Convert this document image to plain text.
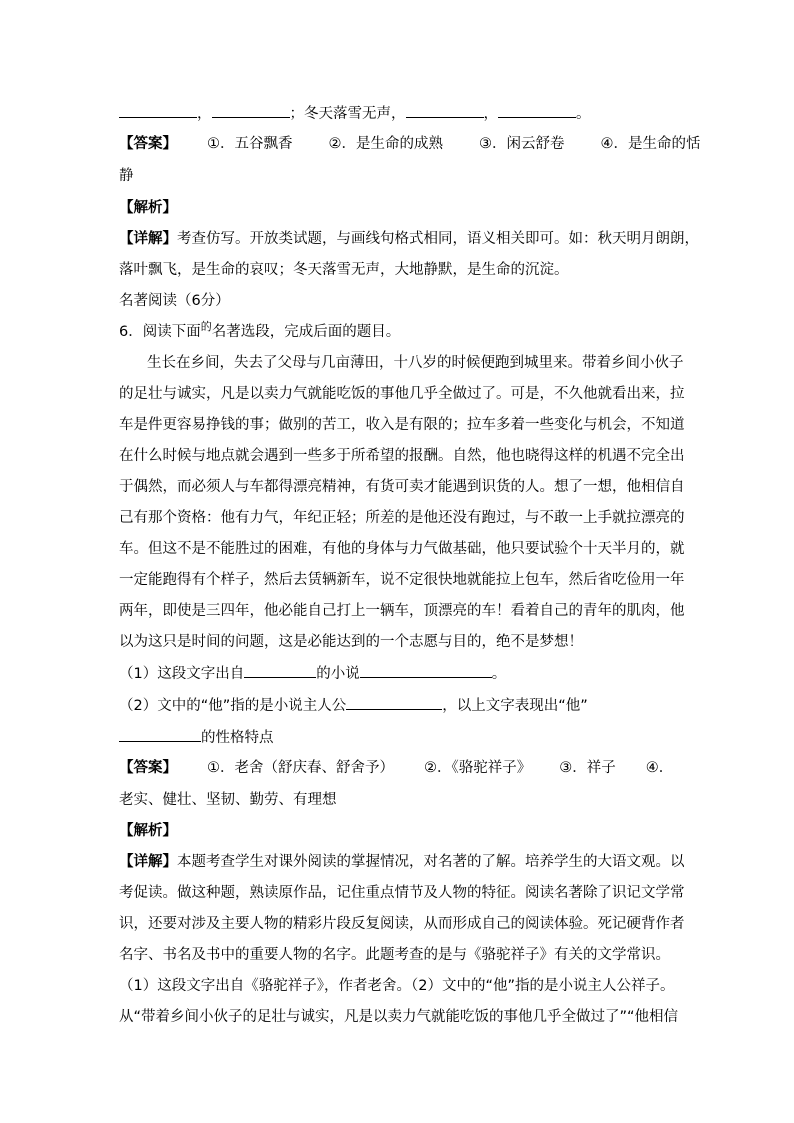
，	；冬天落雪无声，	，	。
【答案】 ①．五谷飘香 ②．是生命的成熟 ③．闲云舒卷 ④．是生命的恬
静
【解析】
【详解】考查仿写。开放类试题，与画线句格式相同，语义相关即可。如：秋天明月朗朗，
落叶飘飞，是生命的哀叹；冬天落雪无声，大地静默，是生命的沉淀。
名著阅读（6分）
6．阅读下面$^的$名著选段，完成后面的题目。
生长在乡间，失去了父母与几亩薄田，十八岁的时候便跑到城里来。带着乡间小伙子
的足壮与诚实，凡是以卖力气就能吃饭的事他几乎全做过了。可是，不久他就看出来，拉
车是件更容易挣钱的事；做别的苦工，收入是有限的；拉车多着一些变化与机会，不知道
在什么时候与地点就会遇到一些多于所希望的报酬。自然，他也晓得这样的机遇不完全出
于偶然，而必须人与车都得漂亮精神，有货可卖才能遇到识货的人。想了一想，他相信自
己有那个资格：他有力气，年纪正轻；所差的是他还没有跑过，与不敢一上手就拉漂亮的
车。但这不是不能胜过的困难，有他的身体与力气做基础，他只要试验个十天半月的，就
一定能跑得有个样子，然后去赁辆新车，说不定很快地就能拉上包车，然后省吃俭用一年
两年，即使是三四年，他必能自己打上一辆车，顶漂亮的车！看着自己的青年的肌肉，他
以为这只是时间的问题，这是必能达到的一个志愿与目的，绝不是梦想！
（1）这段文字出自	的小说	。
（2）文中的“他”指的是小说主人公	，以上文字表现出“他”
的性格特点
【答案】 ①．老舍（舒庆春、舒舍予） ②．《骆驼祥子》 ③．祥子 ④．
老实、健壮、坚韧、勤劳、有理想
【解析】
【详解】本题考查学生对课外阅读的掌握情况，对名著的了解。培养学生的大语文观。以
考促读。做这种题，熟读原作品，记住重点情节及人物的特征。阅读名著除了识记文学常
识，还要对涉及主要人物的精彩片段反复阅读，从而形成自己的阅读体验。死记硬背作者
名字、书名及书中的重要人物的名字。此题考查的是与《骆驼祥子》有关的文学常识。
（1）这段文字出自《骆驼祥子》，作者老舍。（2）文中的“他”指的是小说主人公祥子。
从“带着乡间小伙子的足壮与诚实，凡是以卖力气就能吃饭的事他几乎全做过了”“他相信
